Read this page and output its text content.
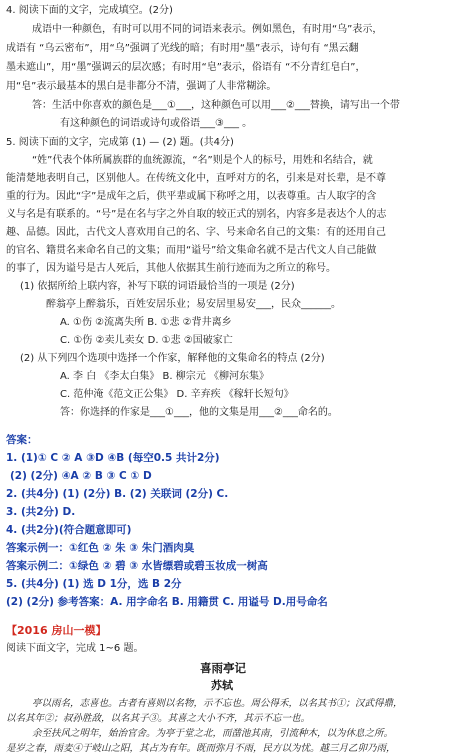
4. 阅读下面的文字，完成填空。(2分)
成语中一种颜色，有时可以用不同的词语来表示。例如黑色，有时用“乌”表示，
成语有 “乌云密布”，用“乌”强调了光线的暗；有时用“墨”表示，诗句有 “黑云翻
墨未遮山”，用“墨”强调云的层次感；有时用“皂”表示，俗语有 “不分青红皂白”，
用“皂”表示最基本的黑白是非都分不清，强调了人非常糊涂。
答：生活中你喜欢的颜色是___①___，这种颜色可以用___②___替换，请写出一个带
有这种颜色的词语或诗句或俗语___③___ 。
5. 阅读下面的文字，完成第 (1) — (2) 题。(共4分)
“姓”代表个体所属族群的血统源流，“名”则是个人的标号，用姓和名结合，就
能清楚地表明自己，区别他人。在传统文化中，直呼对方的名，引来是对长辈，是不尊
重的行为。因此“字”是成年之后，供平辈或属下称呼之用，以表尊重。古人取字的含
义与名是有联系的。“号”是在名与字之外自取的较正式的别名，内容多是表达个人的志
趣、品德。因此，古代文人喜欢用自己的名、字、号来命名自己的文集：有的还用自己
的官名、籍贯名来命名自己的文集；而用“谥号”给文集命名就不是古代文人自己能做
的事了，因为谥号是古人死后，其他人依据其生前行迹而为之所立的称号。
(1) 依据所给上联内容，补写下联的词语最恰当的一项是 (2分)
醉翁亭上醉翁乐，百姓安居乐业；易安居里易安___，民众______。
A. ①伤 ②流离失所 B. ①悲 ②背井离乡
C. ①伤 ②卖儿卖女 D. ①悲 ②国破家亡
(2) 从下列四个选项中选择一个作家，解释他的文集命名的特点 (2分)
A. 李 白 《李太白集》 B. 柳宗元 《柳河东集》
C. 范仲淹《范文正公集》 D. 辛弃疾 《稼轩长短句》
答：你选择的作家是___①___，他的文集是用___②___命名的。
答案：
1. (1)① C ② A ③D ④B (每空0.5 共计2分)
(2) (2分) ④A ② B ③ C ① D
2. (共4分) (1) (2分) B. (2) 关联词 (2分) C.
3. (共2分) D.
4. (共2分)(符合题意即可)
答案示例一：①红色 ② 朱 ③ 朱门酒肉臭
答案示例二：①绿色 ② 碧 ③ 水皆缥碧或碧玉妆成一树高
5. (共4分) (1) 选 D 1分，选 B 2分
(2) (2分) 参考答案：A. 用字命名 B. 用籍贯 C. 用谥号 D.用号命名
【2016 房山一模】
阅读下面文字，完成 1~6 题。
喜雨亭记
苏轼
亭以雨名，志喜也。古者有喜则以名物，示不忘也。周公得禾，以名其书①；汉武得鼎，
以名其年②；叔孙胜敌，以名其子③。其喜之大小不齐，其示不忘一也。
余至扶风之明年，始治官舍。为亭于堂之北，而凿池其南，引流种木，以为休息之所。
是岁之春，雨麦④于岐山之阳，其占为有年。既而弥月不雨，民方以为忧。越三月乙卯乃雨，
